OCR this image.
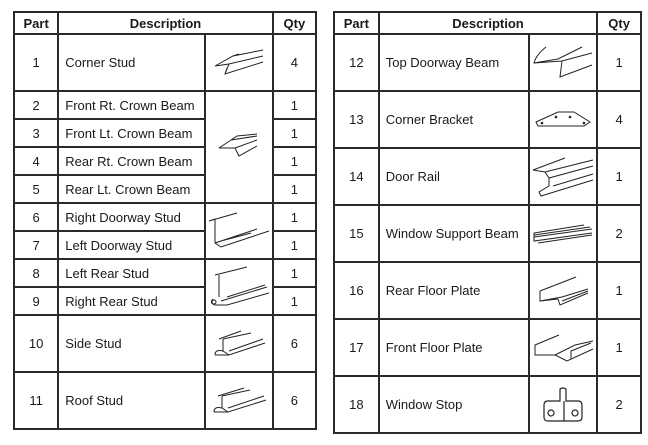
Part	Description		Qty
1	Corner Stud		4
2	Front Rt. Crown Beam		1
3	Front Lt. Crown Beam		1
4	Rear Rt. Crown Beam		1
5	Rear Lt. Crown Beam		1
6	Right Doorway Stud		1
7	Left Doorway Stud		1
8	Left Rear Stud		1
9	Right Rear Stud		1
10	Side Stud		6
11	Roof Stud		6
Part	Description		Qty
12	Top Doorway Beam		1
13	Corner Bracket		4
14	Door Rail		1
15	Window Support Beam		2
16	Rear Floor Plate		1
17	Front Floor Plate		1
18	Window Stop		2
